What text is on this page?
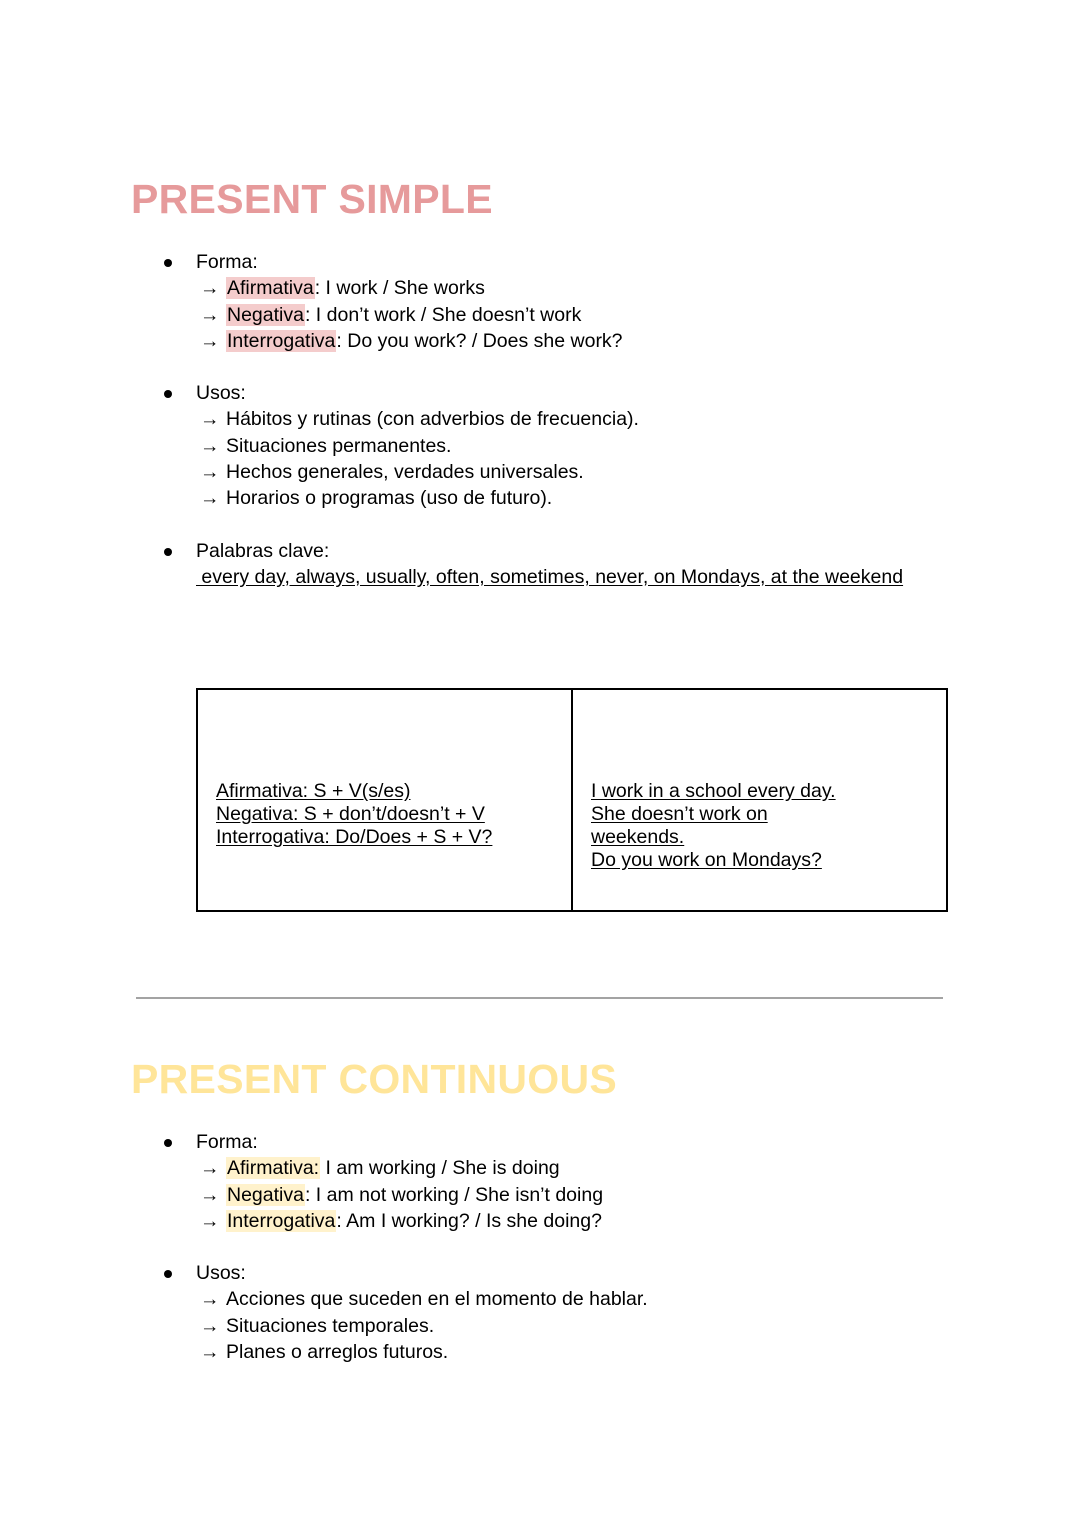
PRESENT SIMPLE
Forma:
→ Afirmativa: I work / She works
→ Negativa: I don’t work / She doesn’t work
→ Interrogativa: Do you work? / Does she work?
Usos:
→ Hábitos y rutinas (con adverbios de frecuencia).
→ Situaciones permanentes.
→ Hechos generales, verdades universales.
→ Horarios o programas (uso de futuro).
Palabras clave:
every day, always, usually, often, sometimes, never, on Mondays, at the weekend
Afirmativa: S + V(s/es)
Negativa: S + don’t/doesn’t + V
Interrogativa: Do/Does + S + V?
I work in a school every day.
She doesn’t work on weekends.
Do you work on Mondays?
PRESENT CONTINUOUS
Forma:
→ Afirmativa: I am working / She is doing
→ Negativa: I am not working / She isn’t doing
→ Interrogativa: Am I working? / Is she doing?
Usos:
→ Acciones que suceden en el momento de hablar.
→ Situaciones temporales.
→ Planes o arreglos futuros.
